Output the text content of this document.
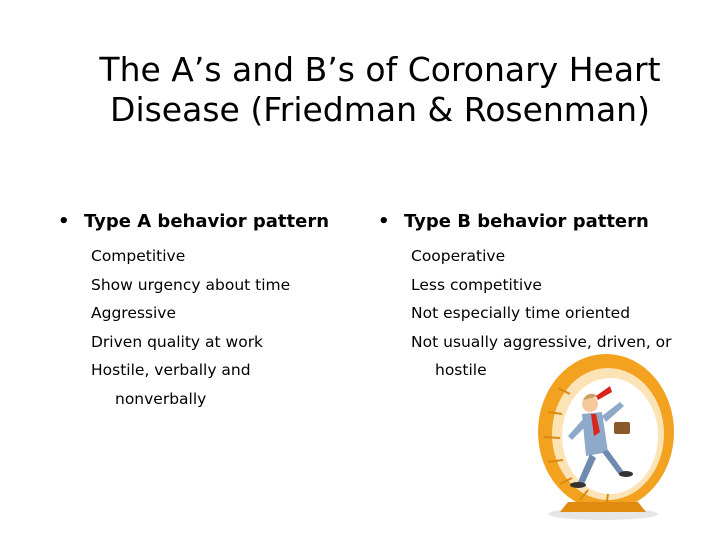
The A’s and B’s of Coronary Heart
Disease (Friedman & Rosenman)
• Type A behavior pattern
Competitive
Show urgency about time
Aggressive
Driven quality at work
Hostile, verbally and nonverbally
• Type B behavior pattern
Cooperative
Less competitive
Not especially time oriented
Not usually aggressive, driven, or hostile
